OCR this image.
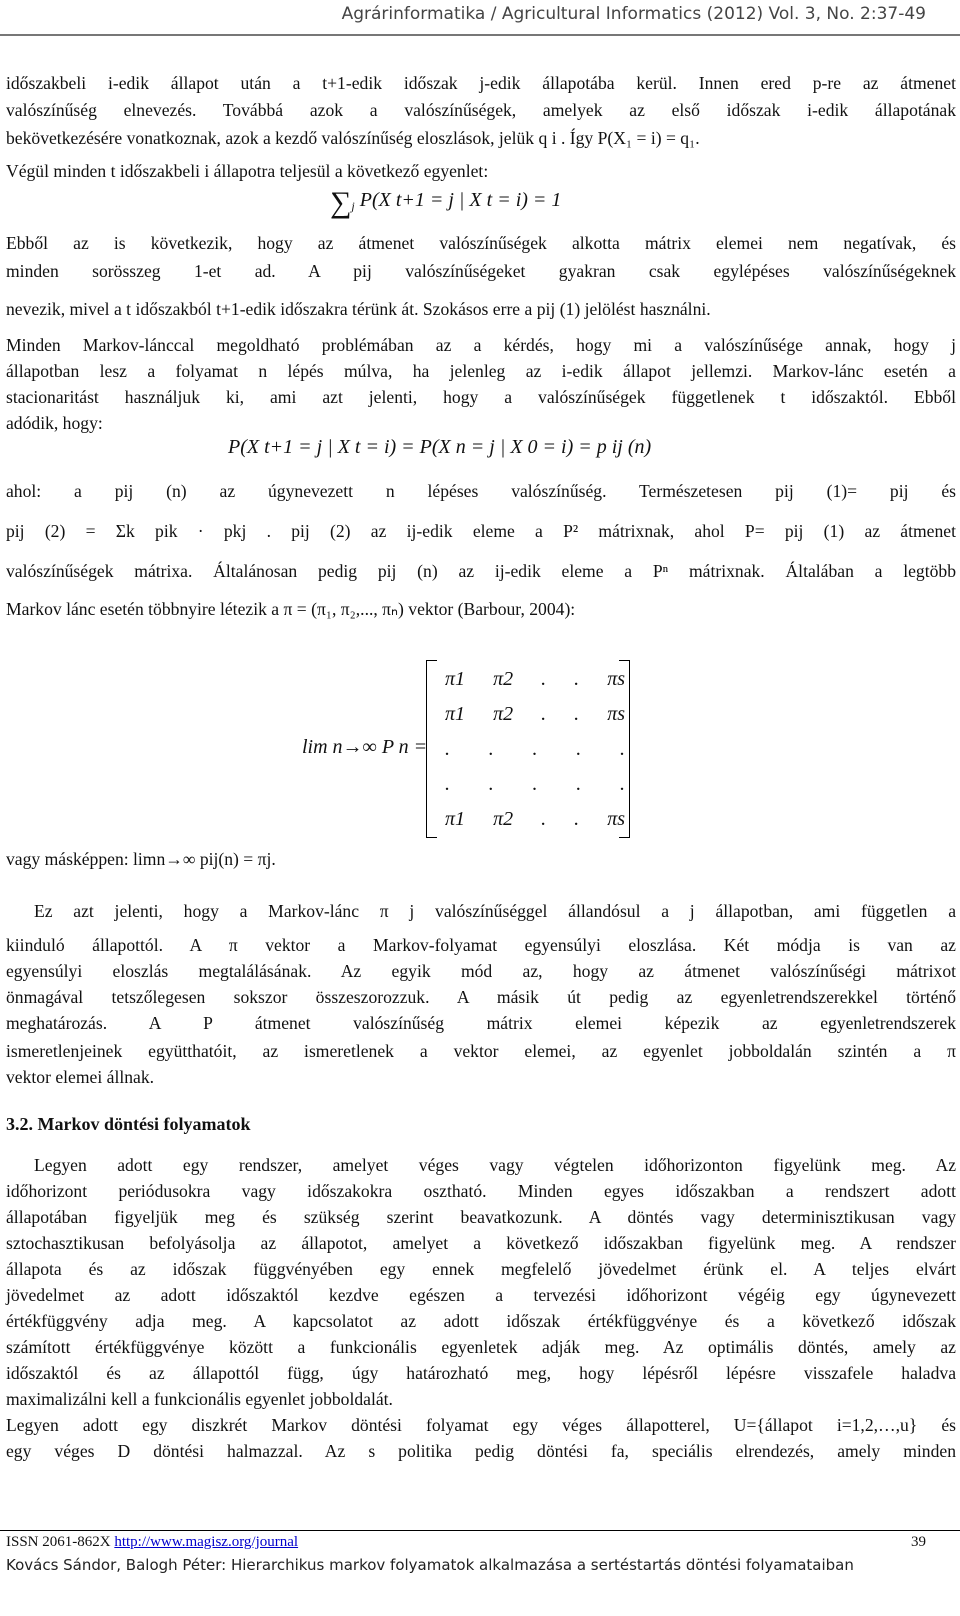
Agrárinformatika / Agricultural Informatics (2012) Vol. 3, No. 2:37-49
időszakbeli i-edik állapot után a t+1-edik időszak j-edik állapotába kerül. Innen ered p-re az átmenet
valószínűség elnevezés. Továbbá azok a valószínűségek, amelyek az első időszak i-edik állapotának
bekövetkezésére vonatkoznak, azok a kezdő valószínűség eloszlások, jelük q i . Így P(X₁ = i) = q₁.
Végül minden t időszakbeli i állapotra teljesül a következő egyenlet:
$\sum_j$ P(X t+1 = j | X t = i) = 1
Ebből az is következik, hogy az átmenet valószínűségek alkotta mátrix elemei nem negatívak, és
minden sorösszeg 1-et ad. A pij valószínűségeket gyakran csak egylépéses valószínűségeknek
nevezik, mivel a t időszakból t+1-edik időszakra térünk át. Szokásos erre a pij (1) jelölést használni.
Minden Markov-lánccal megoldható problémában az a kérdés, hogy mi a valószínűsége annak, hogy j
állapotban lesz a folyamat n lépés múlva, ha jelenleg az i-edik állapot jellemzi. Markov-lánc esetén a
stacionaritást használjuk ki, ami azt jelenti, hogy a valószínűségek függetlenek t időszaktól. Ebből
adódik, hogy:
P(X t+1 = j | X t = i) = P(X n = j | X 0 = i) = p ij (n)
ahol: a pij (n) az úgynevezett n lépéses valószínűség. Természetesen pij (1)= pij és
pij (2) = Σk pik · pkj . pij (2) az ij-edik eleme a P² mátrixnak, ahol P= pij (1) az átmenet
valószínűségek mátrixa. Általánosan pedig pij (n) az ij-edik eleme a Pⁿ mátrixnak. Általában a legtöbb
Markov lánc esetén többnyire létezik a π = (π₁, π₂,..., πₙ) vektor (Barbour, 2004):
lim n→∞ P n =
π1 π2 . . πs
π1 π2 . . πs
. . . . .
. . . . .
π1 π2 . . πs
vagy másképpen: limn→∞ pij(n) = πj.
Ez azt jelenti, hogy a Markov-lánc π j valószínűséggel állandósul a j állapotban, ami független a
kiinduló állapottól. A π vektor a Markov-folyamat egyensúlyi eloszlása. Két módja is van az
egyensúlyi eloszlás megtalálásának. Az egyik mód az, hogy az átmenet valószínűségi mátrixot
önmagával tetszőlegesen sokszor összeszorozzuk. A másik út pedig az egyenletrendszerekkel történő
meghatározás. A P átmenet valószínűség mátrix elemei képezik az egyenletrendszerek
ismeretlenjeinek együtthatóit, az ismeretlenek a vektor elemei, az egyenlet jobboldalán szintén a π
vektor elemei állnak.
3.2. Markov döntési folyamatok
Legyen adott egy rendszer, amelyet véges vagy végtelen időhorizonton figyelünk meg. Az
időhorizont periódusokra vagy időszakokra osztható. Minden egyes időszakban a rendszert adott
állapotában figyeljük meg és szükség szerint beavatkozunk. A döntés vagy determinisztikusan vagy
sztochasztikusan befolyásolja az állapotot, amelyet a következő időszakban figyelünk meg. A rendszer
állapota és az időszak függvényében egy ennek megfelelő jövedelmet érünk el. A teljes elvárt
jövedelmet az adott időszaktól kezdve egészen a tervezési időhorizont végéig egy úgynevezett
értékfüggvény adja meg. A kapcsolatot az adott időszak értékfüggvénye és a következő időszak
számított értékfüggvénye között a funkcionális egyenletek adják meg. Az optimális döntés, amely az
időszaktól és az állapottól függ, úgy határozható meg, hogy lépésről lépésre visszafele haladva
maximalizálni kell a funkcionális egyenlet jobboldalát.
Legyen adott egy diszkrét Markov döntési folyamat egy véges állapotterel, U={állapot i=1,2,…,u} és
egy véges D döntési halmazzal. Az s politika pedig döntési fa, speciális elrendezés, amely minden
ISSN 2061-862X http://www.magisz.org/journal	39
Kovács Sándor, Balogh Péter: Hierarchikus markov folyamatok alkalmazása a sertéstartás döntési folyamataiban
